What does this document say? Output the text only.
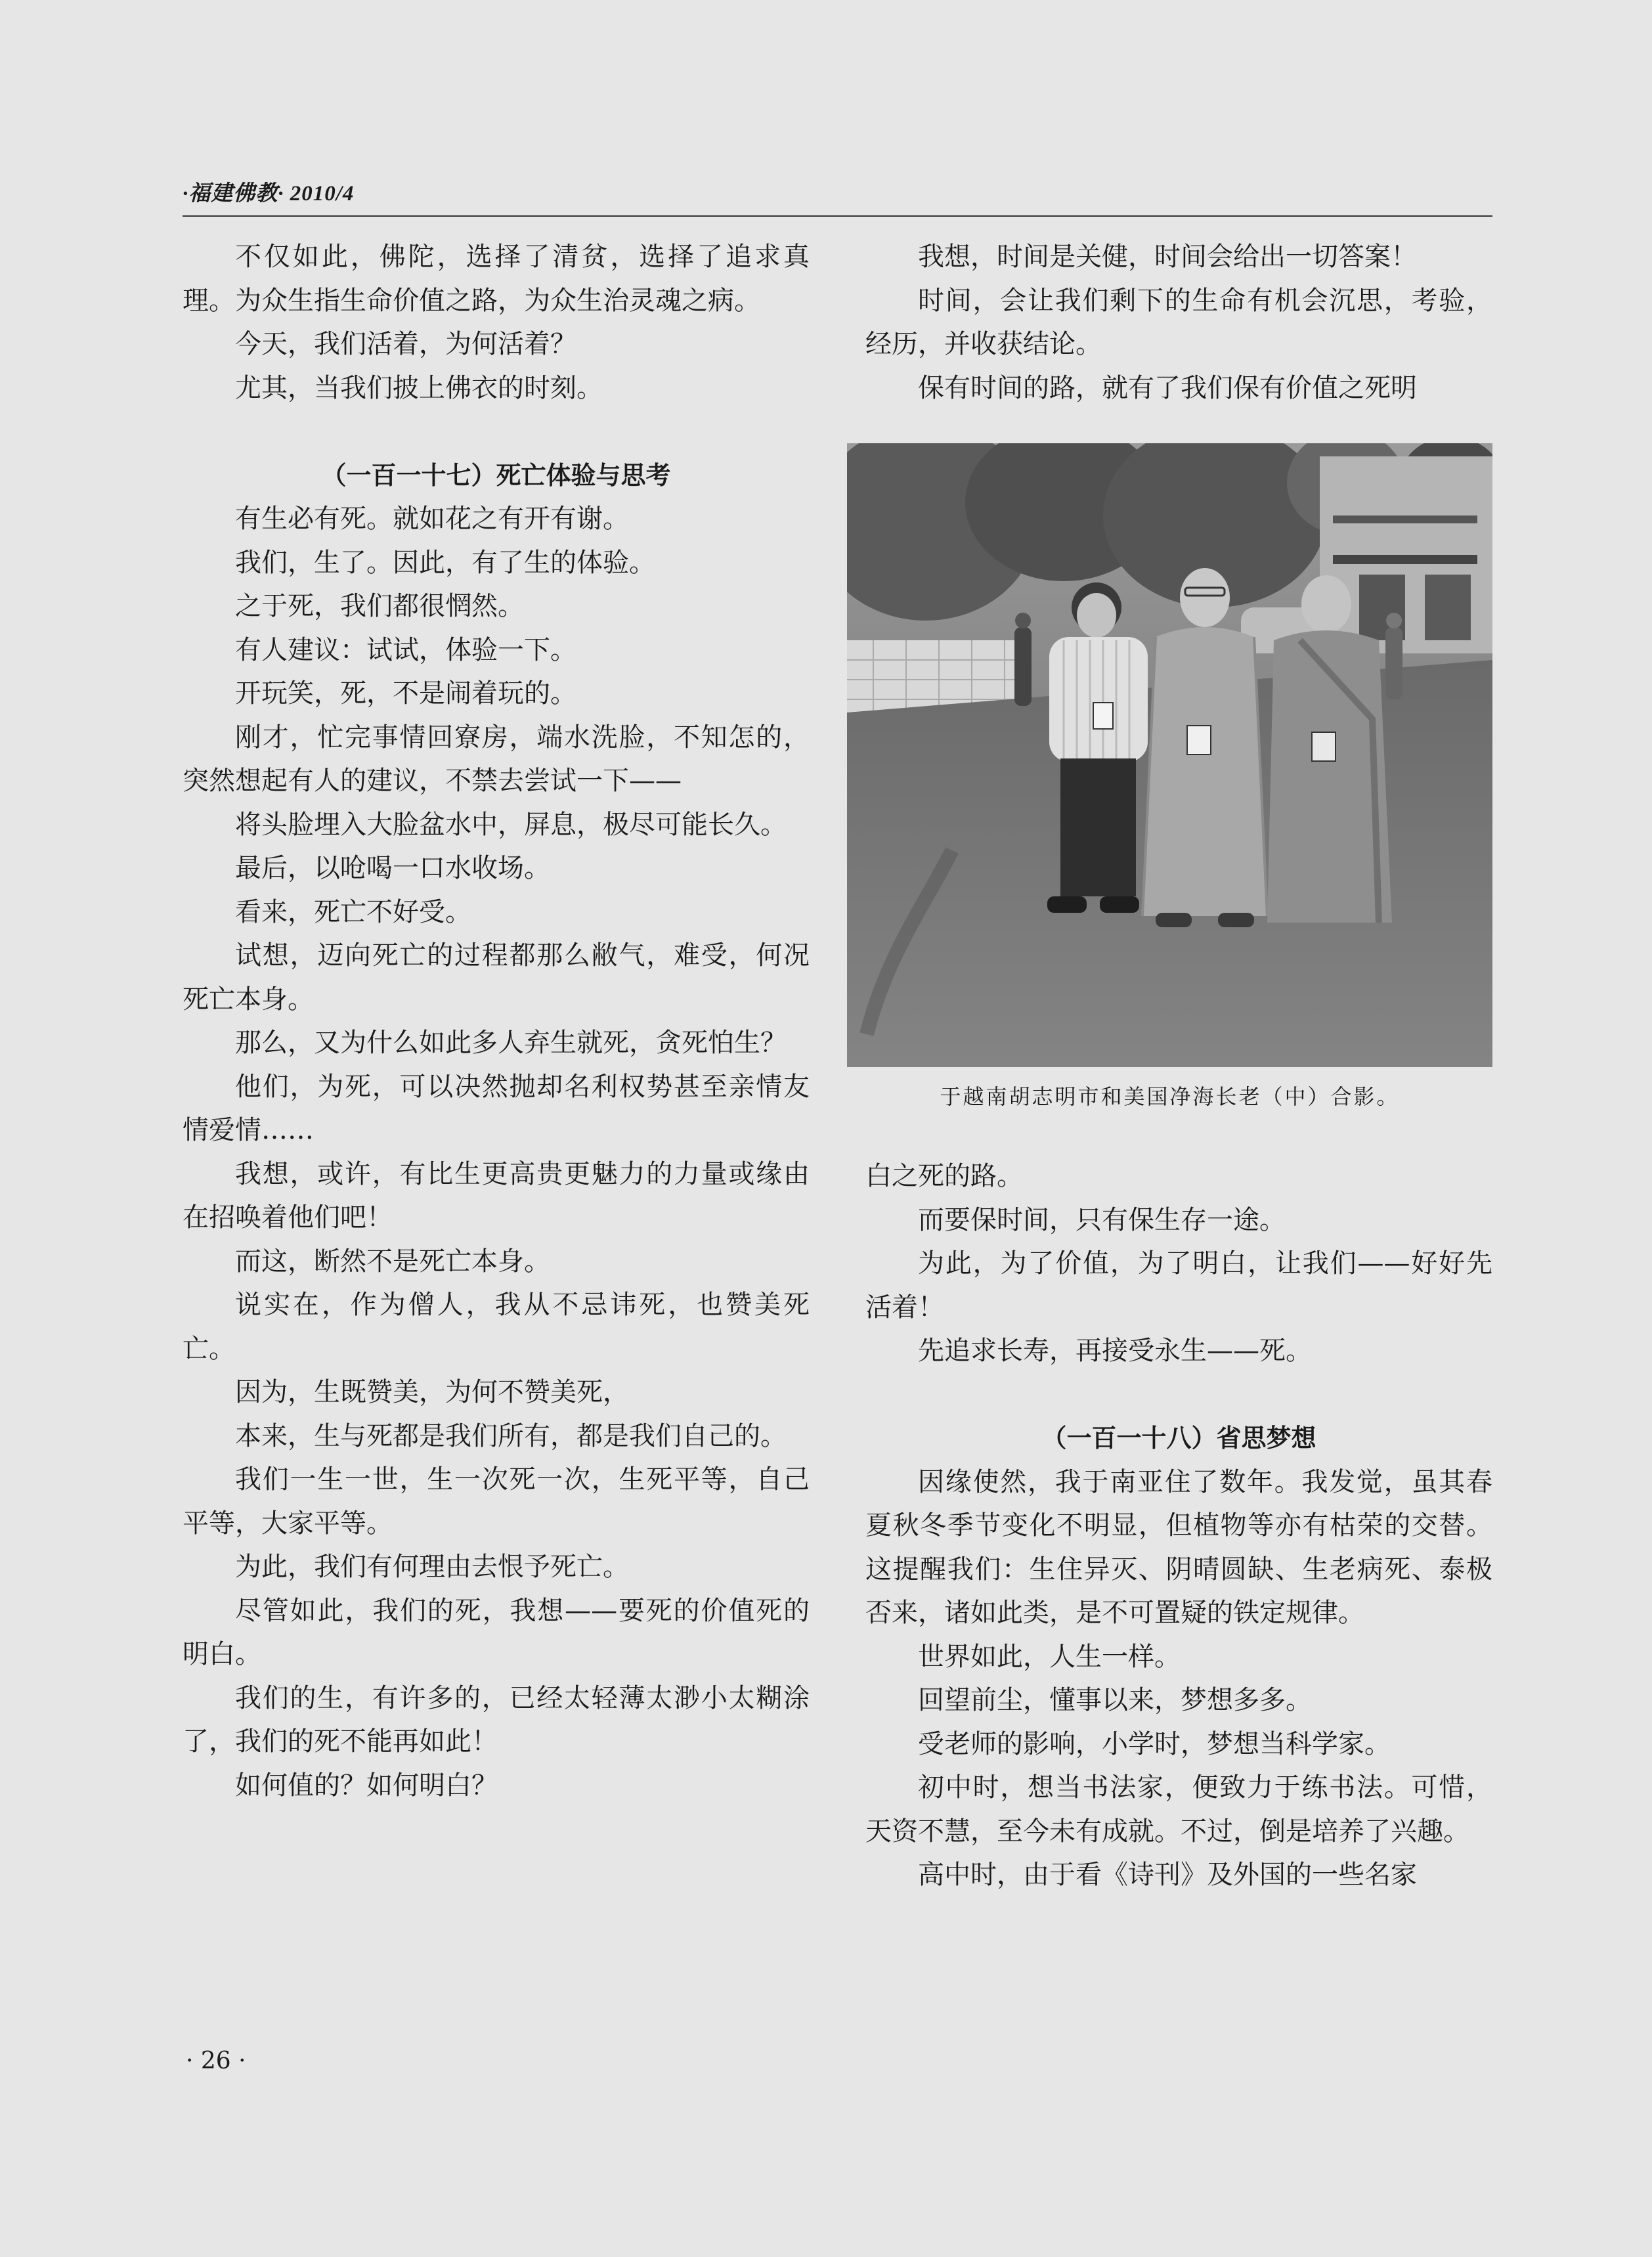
·福建佛教· 2010/4

不仅如此，佛陀，选择了清贫，选择了追求真理。为众生指生命价值之路，为众生治灵魂之病。

今天，我们活着，为何活着？

尤其，当我们披上佛衣的时刻。

（一百一十七）死亡体验与思考

有生必有死。就如花之有开有谢。

我们，生了。因此，有了生的体验。

之于死，我们都很惘然。

有人建议：试试，体验一下。

开玩笑，死，不是闹着玩的。

刚才，忙完事情回寮房，端水洗脸，不知怎的，突然想起有人的建议，不禁去尝试一下——

将头脸埋入大脸盆水中，屏息，极尽可能长久。

最后，以呛喝一口水收场。

看来，死亡不好受。

试想，迈向死亡的过程都那么敝气，难受，何况死亡本身。

那么，又为什么如此多人弃生就死，贪死怕生？

他们，为死，可以决然抛却名利权势甚至亲情友情爱情……

我想，或许，有比生更高贵更魅力的力量或缘由在招唤着他们吧！

而这，断然不是死亡本身。

说实在，作为僧人，我从不忌讳死，也赞美死亡。

因为，生既赞美，为何不赞美死，

本来，生与死都是我们所有，都是我们自己的。

我们一生一世，生一次死一次，生死平等，自己平等，大家平等。

为此，我们有何理由去恨予死亡。

尽管如此，我们的死，我想——要死的价值死的明白。

我们的生，有许多的，已经太轻薄太渺小太糊涂了，我们的死不能再如此！

如何值的？如何明白？

我想，时间是关健，时间会给出一切答案！

时间，会让我们剩下的生命有机会沉思，考验，经历，并收获结论。

保有时间的路，就有了我们保有价值之死明

于越南胡志明市和美国净海长老（中）合影。

白之死的路。

而要保时间，只有保生存一途。

为此，为了价值，为了明白，让我们——好好先活着！

先追求长寿，再接受永生——死。

（一百一十八）省思梦想

因缘使然，我于南亚住了数年。我发觉，虽其春夏秋冬季节变化不明显，但植物等亦有枯荣的交替。这提醒我们：生住异灭、阴晴圆缺、生老病死、泰极否来，诸如此类，是不可置疑的铁定规律。

世界如此，人生一样。

回望前尘，懂事以来，梦想多多。

受老师的影响，小学时，梦想当科学家。

初中时，想当书法家，便致力于练书法。可惜，天资不慧，至今未有成就。不过，倒是培养了兴趣。

高中时，由于看《诗刊》及外国的一些名家

· 26 ·
